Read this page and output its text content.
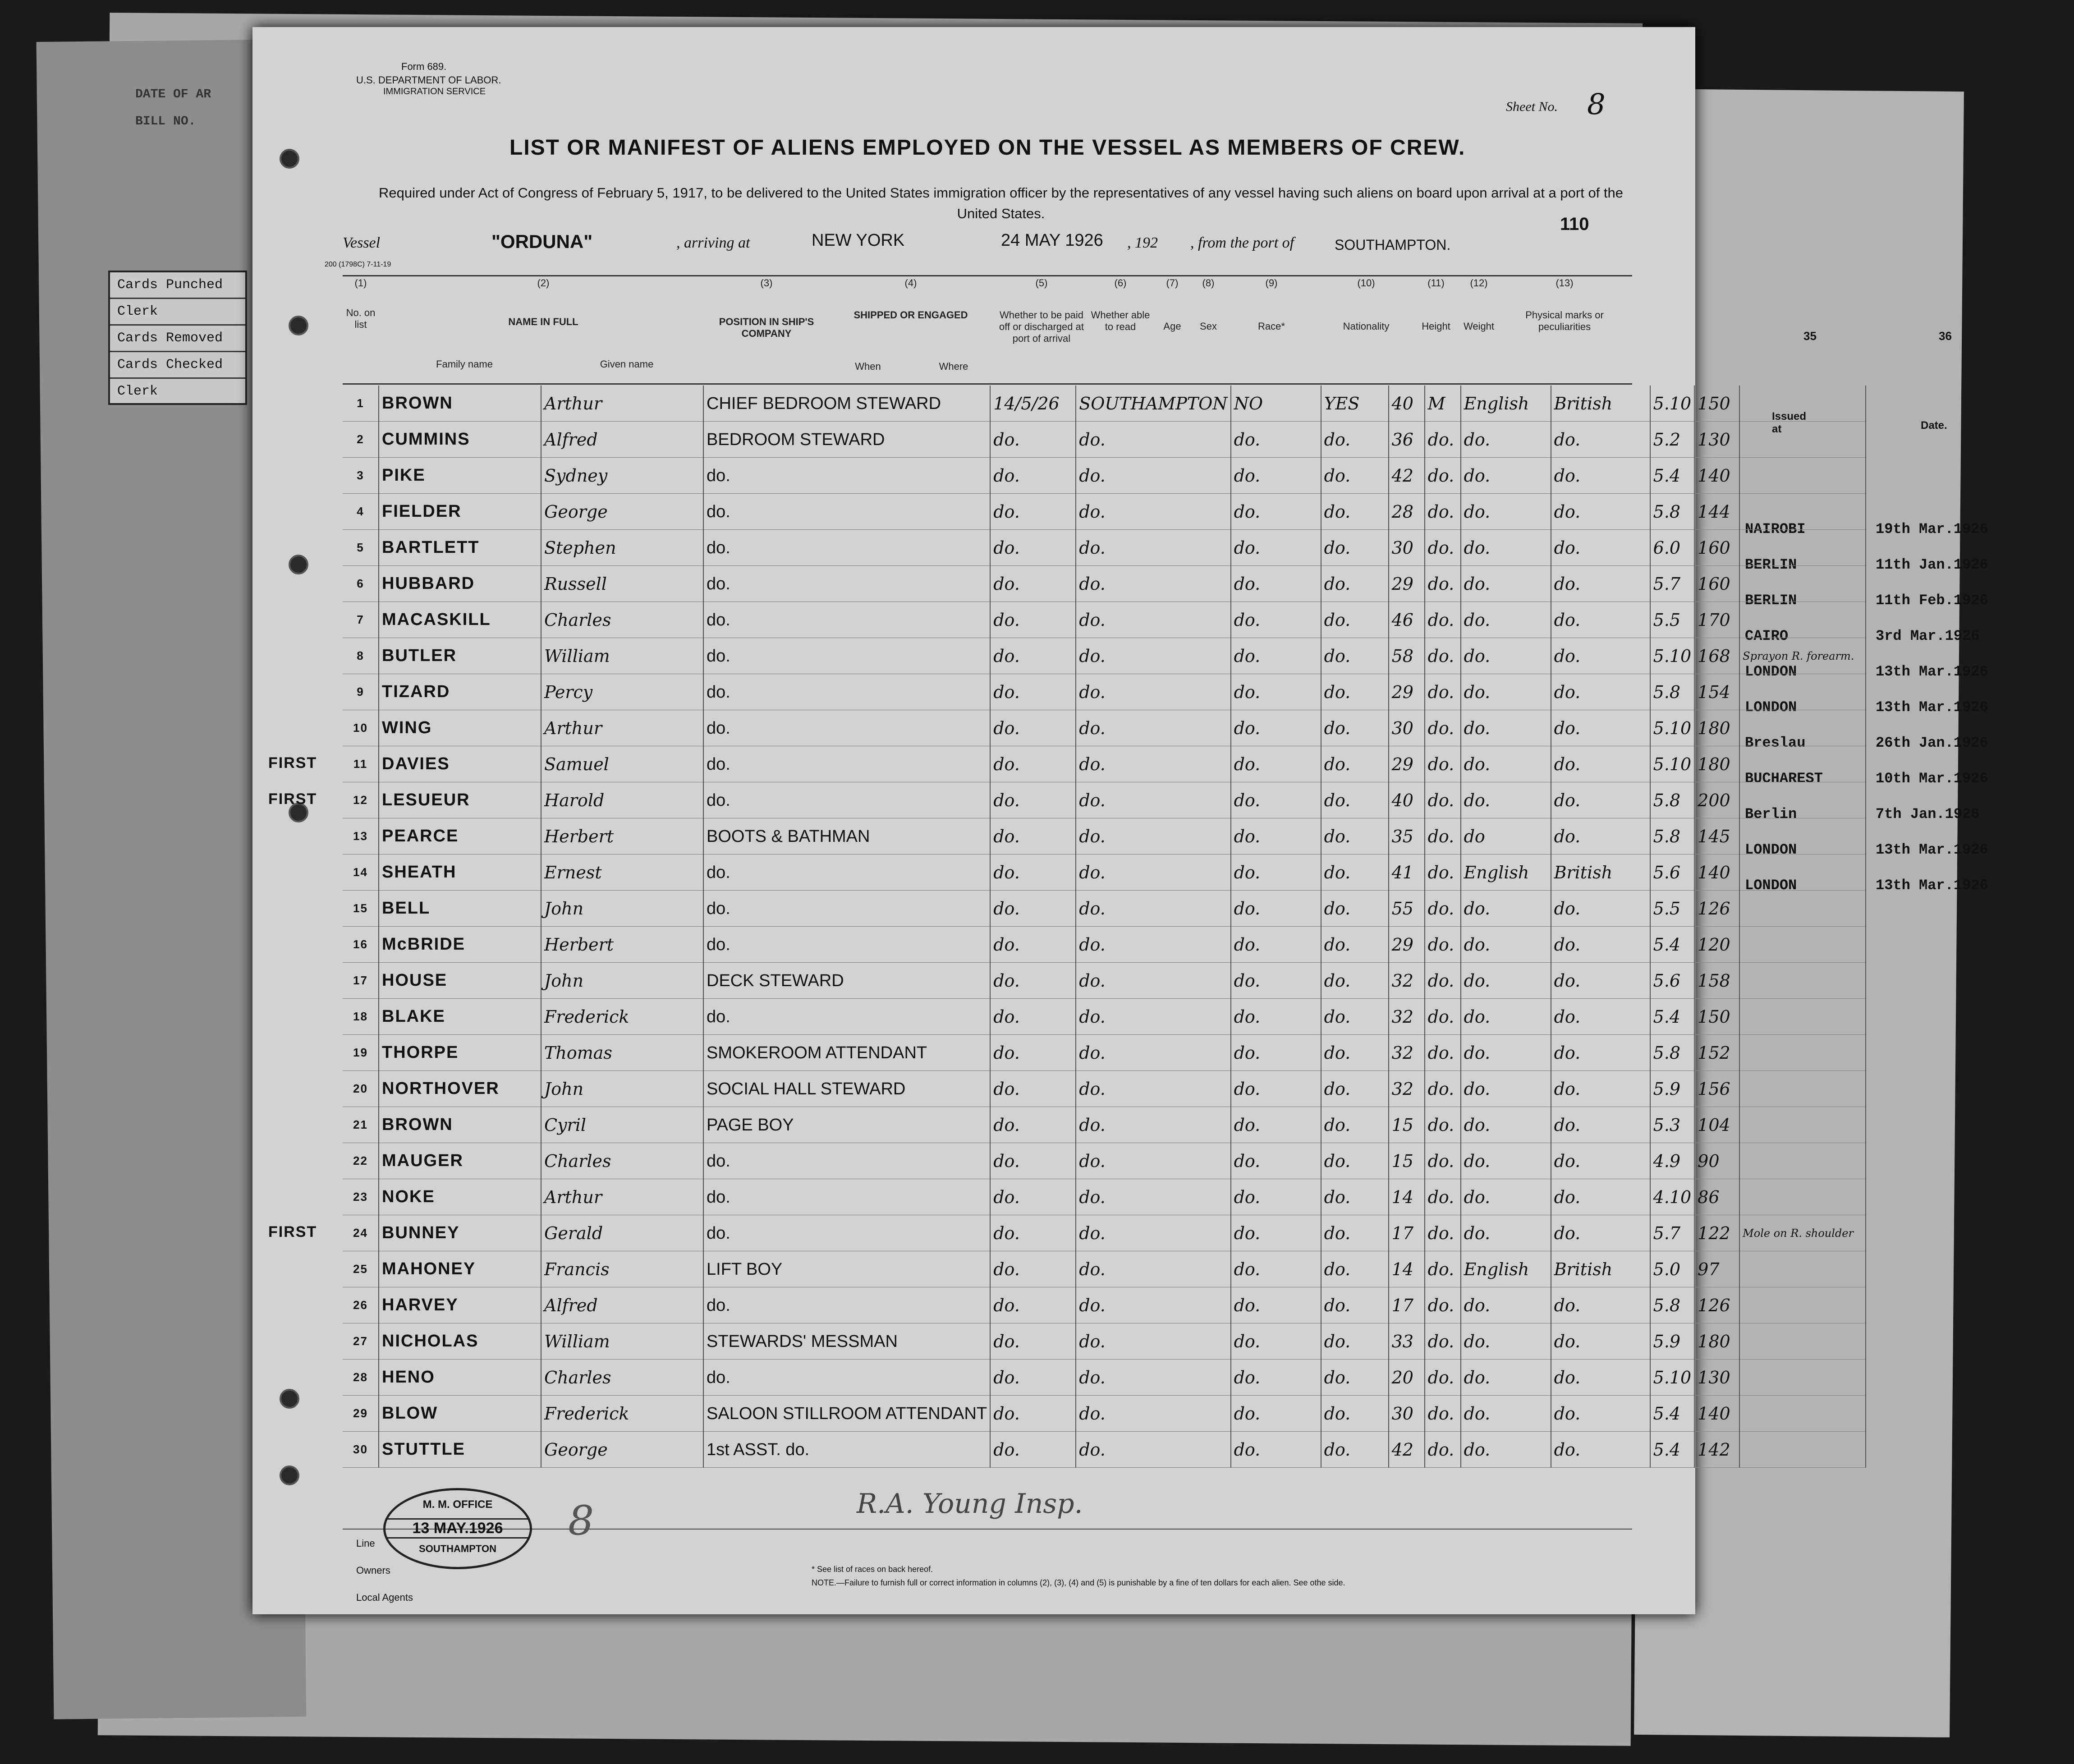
DATE OF AR
BILL NO.
Cards Punched
Clerk
Cards Removed
Cards Checked
Clerk
35	36
Issued at	Date.
NAIROBI	19th Mar.1926
BERLIN	11th Jan.1926
BERLIN	11th Feb.1926
CAIRO	3rd Mar.1926
LONDON	13th Mar.1926
LONDON	13th Mar.1926
Breslau	26th Jan.1926
BUCHAREST	10th Mar.1926
Berlin	7th Jan.1926
LONDON	13th Mar.1926
LONDON	13th Mar.1926
Form 689.
U.S. DEPARTMENT OF LABOR.
IMMIGRATION SERVICE
Sheet No. 8
LIST OR MANIFEST OF ALIENS EMPLOYED ON THE VESSEL AS MEMBERS OF CREW.
Required under Act of Congress of February 5, 1917, to be delivered to the United States immigration officer by the representatives of any vessel having such aliens on board upon arrival at a port of the United States.
110
Vessel	"ORDUNA"	, arriving at	NEW YORK	24 MAY 1926 , 192 , from the port of	SOUTHAMPTON.
200 (1798C) 7-11-19
(1)
No. on list
(2)
NAME IN FULL
Family name	Given name
(3)
POSITION IN SHIP'S COMPANY
(4)
SHIPPED OR ENGAGED
When	Where
(5)
Whether to be paid off or discharged at port of arrival
(6)
Whether able to read
(7)
Age
(8)
Sex
(9)
Race*
(10)
Nationality
(11)
Height
(12)
Weight
(13)
Physical marks or peculiarities
1	BROWN	Arthur	CHIEF BEDROOM STEWARD	14/5/26	SOUTHAMPTON	NO	YES	40	M	English	British	5.10	150	
2	CUMMINS	Alfred	BEDROOM STEWARD	do.	do.	do.	do.	36	do.	do.	do.	5.2	130	
3	PIKE	Sydney	do.	do.	do.	do.	do.	42	do.	do.	do.	5.4	140	
4	FIELDER	George	do.	do.	do.	do.	do.	28	do.	do.	do.	5.8	144	
5	BARTLETT	Stephen	do.	do.	do.	do.	do.	30	do.	do.	do.	6.0	160	
6	HUBBARD	Russell	do.	do.	do.	do.	do.	29	do.	do.	do.	5.7	160	
7	MACASKILL	Charles	do.	do.	do.	do.	do.	46	do.	do.	do.	5.5	170	
8	BUTLER	William	do.	do.	do.	do.	do.	58	do.	do.	do.	5.10	168	Sprayon R. forearm.
9	TIZARD	Percy	do.	do.	do.	do.	do.	29	do.	do.	do.	5.8	154	
10	WING	Arthur	do.	do.	do.	do.	do.	30	do.	do.	do.	5.10	180	
11	DAVIES	Samuel	do.	do.	do.	do.	do.	29	do.	do.	do.	5.10	180	
12	LESUEUR	Harold	do.	do.	do.	do.	do.	40	do.	do.	do.	5.8	200	
13	PEARCE	Herbert	BOOTS & BATHMAN	do.	do.	do.	do.	35	do.	do	do.	5.8	145	
14	SHEATH	Ernest	do.	do.	do.	do.	do.	41	do.	English	British	5.6	140	
15	BELL	John	do.	do.	do.	do.	do.	55	do.	do.	do.	5.5	126	
16	McBRIDE	Herbert	do.	do.	do.	do.	do.	29	do.	do.	do.	5.4	120	
17	HOUSE	John	DECK STEWARD	do.	do.	do.	do.	32	do.	do.	do.	5.6	158	
18	BLAKE	Frederick	do.	do.	do.	do.	do.	32	do.	do.	do.	5.4	150	
19	THORPE	Thomas	SMOKEROOM ATTENDANT	do.	do.	do.	do.	32	do.	do.	do.	5.8	152	
20	NORTHOVER	John	SOCIAL HALL STEWARD	do.	do.	do.	do.	32	do.	do.	do.	5.9	156	
21	BROWN	Cyril	PAGE BOY	do.	do.	do.	do.	15	do.	do.	do.	5.3	104	
22	MAUGER	Charles	do.	do.	do.	do.	do.	15	do.	do.	do.	4.9	90	
23	NOKE	Arthur	do.	do.	do.	do.	do.	14	do.	do.	do.	4.10	86	
24	BUNNEY	Gerald	do.	do.	do.	do.	do.	17	do.	do.	do.	5.7	122	Mole on R. shoulder
25	MAHONEY	Francis	LIFT BOY	do.	do.	do.	do.	14	do.	English	British	5.0	97	
26	HARVEY	Alfred	do.	do.	do.	do.	do.	17	do.	do.	do.	5.8	126	
27	NICHOLAS	William	STEWARDS' MESSMAN	do.	do.	do.	do.	33	do.	do.	do.	5.9	180	
28	HENO	Charles	do.	do.	do.	do.	do.	20	do.	do.	do.	5.10	130	
29	BLOW	Frederick	SALOON STILLROOM ATTENDANT	do.	do.	do.	do.	30	do.	do.	do.	5.4	140	
30	STUTTLE	George	1st ASST. do.	do.	do.	do.	do.	42	do.	do.	do.	5.4	142	
FIRST
FIRST
FIRST
Line
Owners
Local Agents
M. M. OFFICE
13 MAY.1926
SOUTHAMPTON
8	R.A. Young Insp.
* See list of races on back hereof.
NOTE.—Failure to furnish full or correct information in columns (2), (3), (4) and (5) is punishable by a fine of ten dollars for each alien. See othe side.
